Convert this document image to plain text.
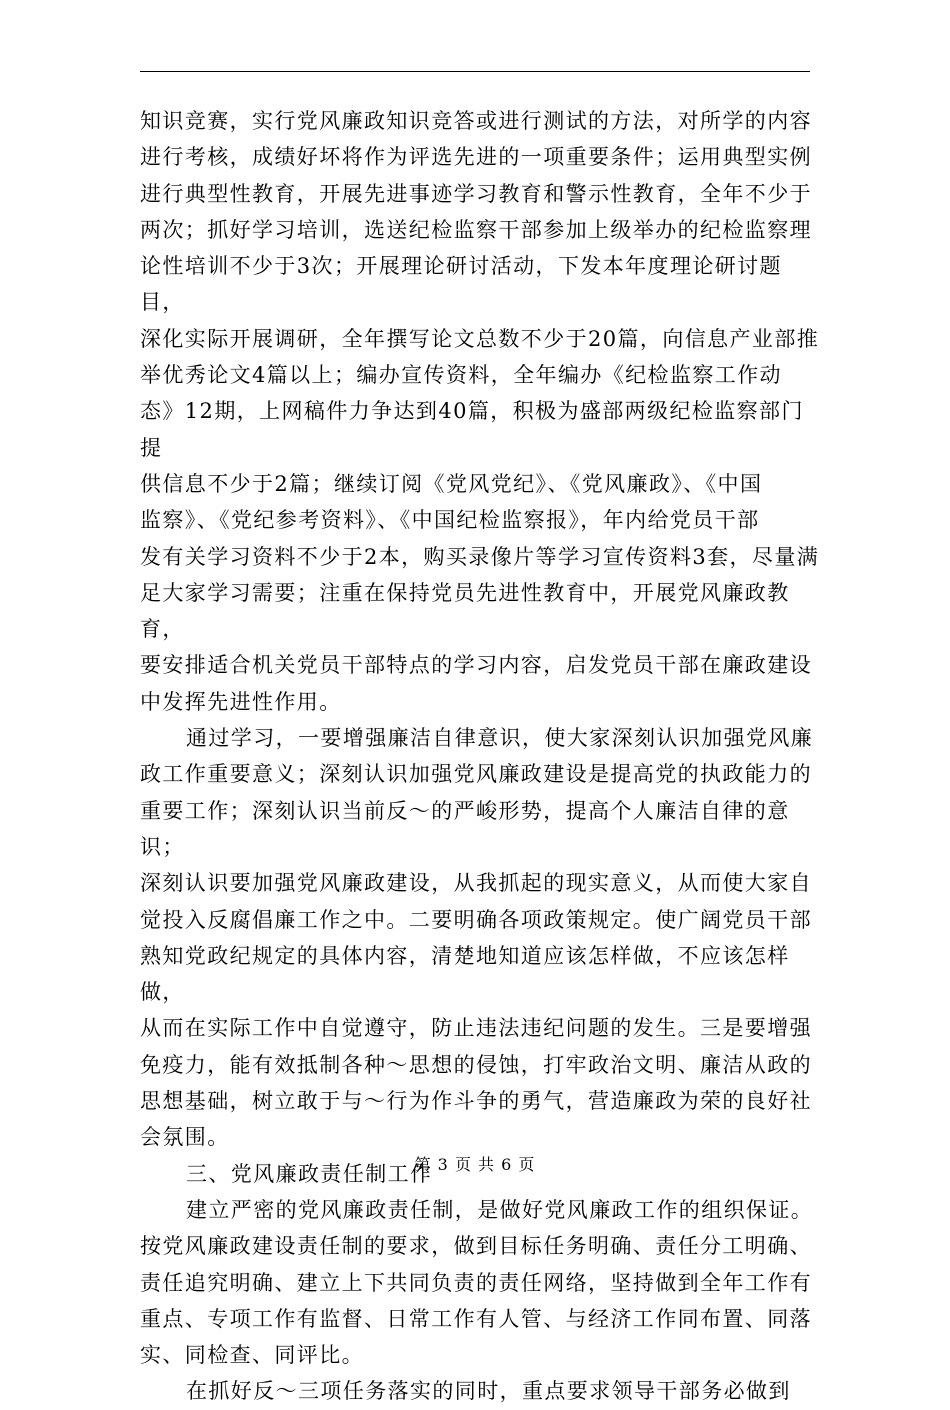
知识竞赛，实行党风廉政知识竞答或进行测试的方法，对所学的内容
进行考核，成绩好坏将作为评选先进的一项重要条件；运用典型实例
进行典型性教育，开展先进事迹学习教育和警示性教育，全年不少于
两次；抓好学习培训，选送纪检监察干部参加上级举办的纪检监察理
论性培训不少于3次；开展理论研讨活动，下发本年度理论研讨题目，
深化实际开展调研，全年撰写论文总数不少于20篇，向信息产业部推
举优秀论文4篇以上；编办宣传资料，全年编办《纪检监察工作动
态》12期，上网稿件力争达到40篇，积极为盛部两级纪检监察部门提
供信息不少于2篇；继续订阅《党风党纪》、《党风廉政》、《中国
监察》、《党纪参考资料》、《中国纪检监察报》，年内给党员干部
发有关学习资料不少于2本，购买录像片等学习宣传资料3套，尽量满
足大家学习需要；注重在保持党员先进性教育中，开展党风廉政教育，
要安排适合机关党员干部特点的学习内容，启发党员干部在廉政建设
中发挥先进性作用。

通过学习，一要增强廉洁自律意识，使大家深刻认识加强党风廉
政工作重要意义；深刻认识加强党风廉政建设是提高党的执政能力的
重要工作；深刻认识当前反～的严峻形势，提高个人廉洁自律的意识；
深刻认识要加强党风廉政建设，从我抓起的现实意义，从而使大家自
觉投入反腐倡廉工作之中。二要明确各项政策规定。使广阔党员干部
熟知党政纪规定的具体内容，清楚地知道应该怎样做，不应该怎样做，
从而在实际工作中自觉遵守，防止违法违纪问题的发生。三是要增强
免疫力，能有效抵制各种～思想的侵蚀，打牢政治文明、廉洁从政的
思想基础，树立敢于与～行为作斗争的勇气，营造廉政为荣的良好社
会氛围。

三、党风廉政责任制工作

建立严密的党风廉政责任制，是做好党风廉政工作的组织保证。
按党风廉政建设责任制的要求，做到目标任务明确、责任分工明确、
责任追究明确、建立上下共同负责的责任网络，坚持做到全年工作有
重点、专项工作有监督、日常工作有人管、与经济工作同布置、同落
实、同检查、同评比。

在抓好反～三项任务落实的同时，重点要求领导干部务必做到

第 3 页 共 6 页
